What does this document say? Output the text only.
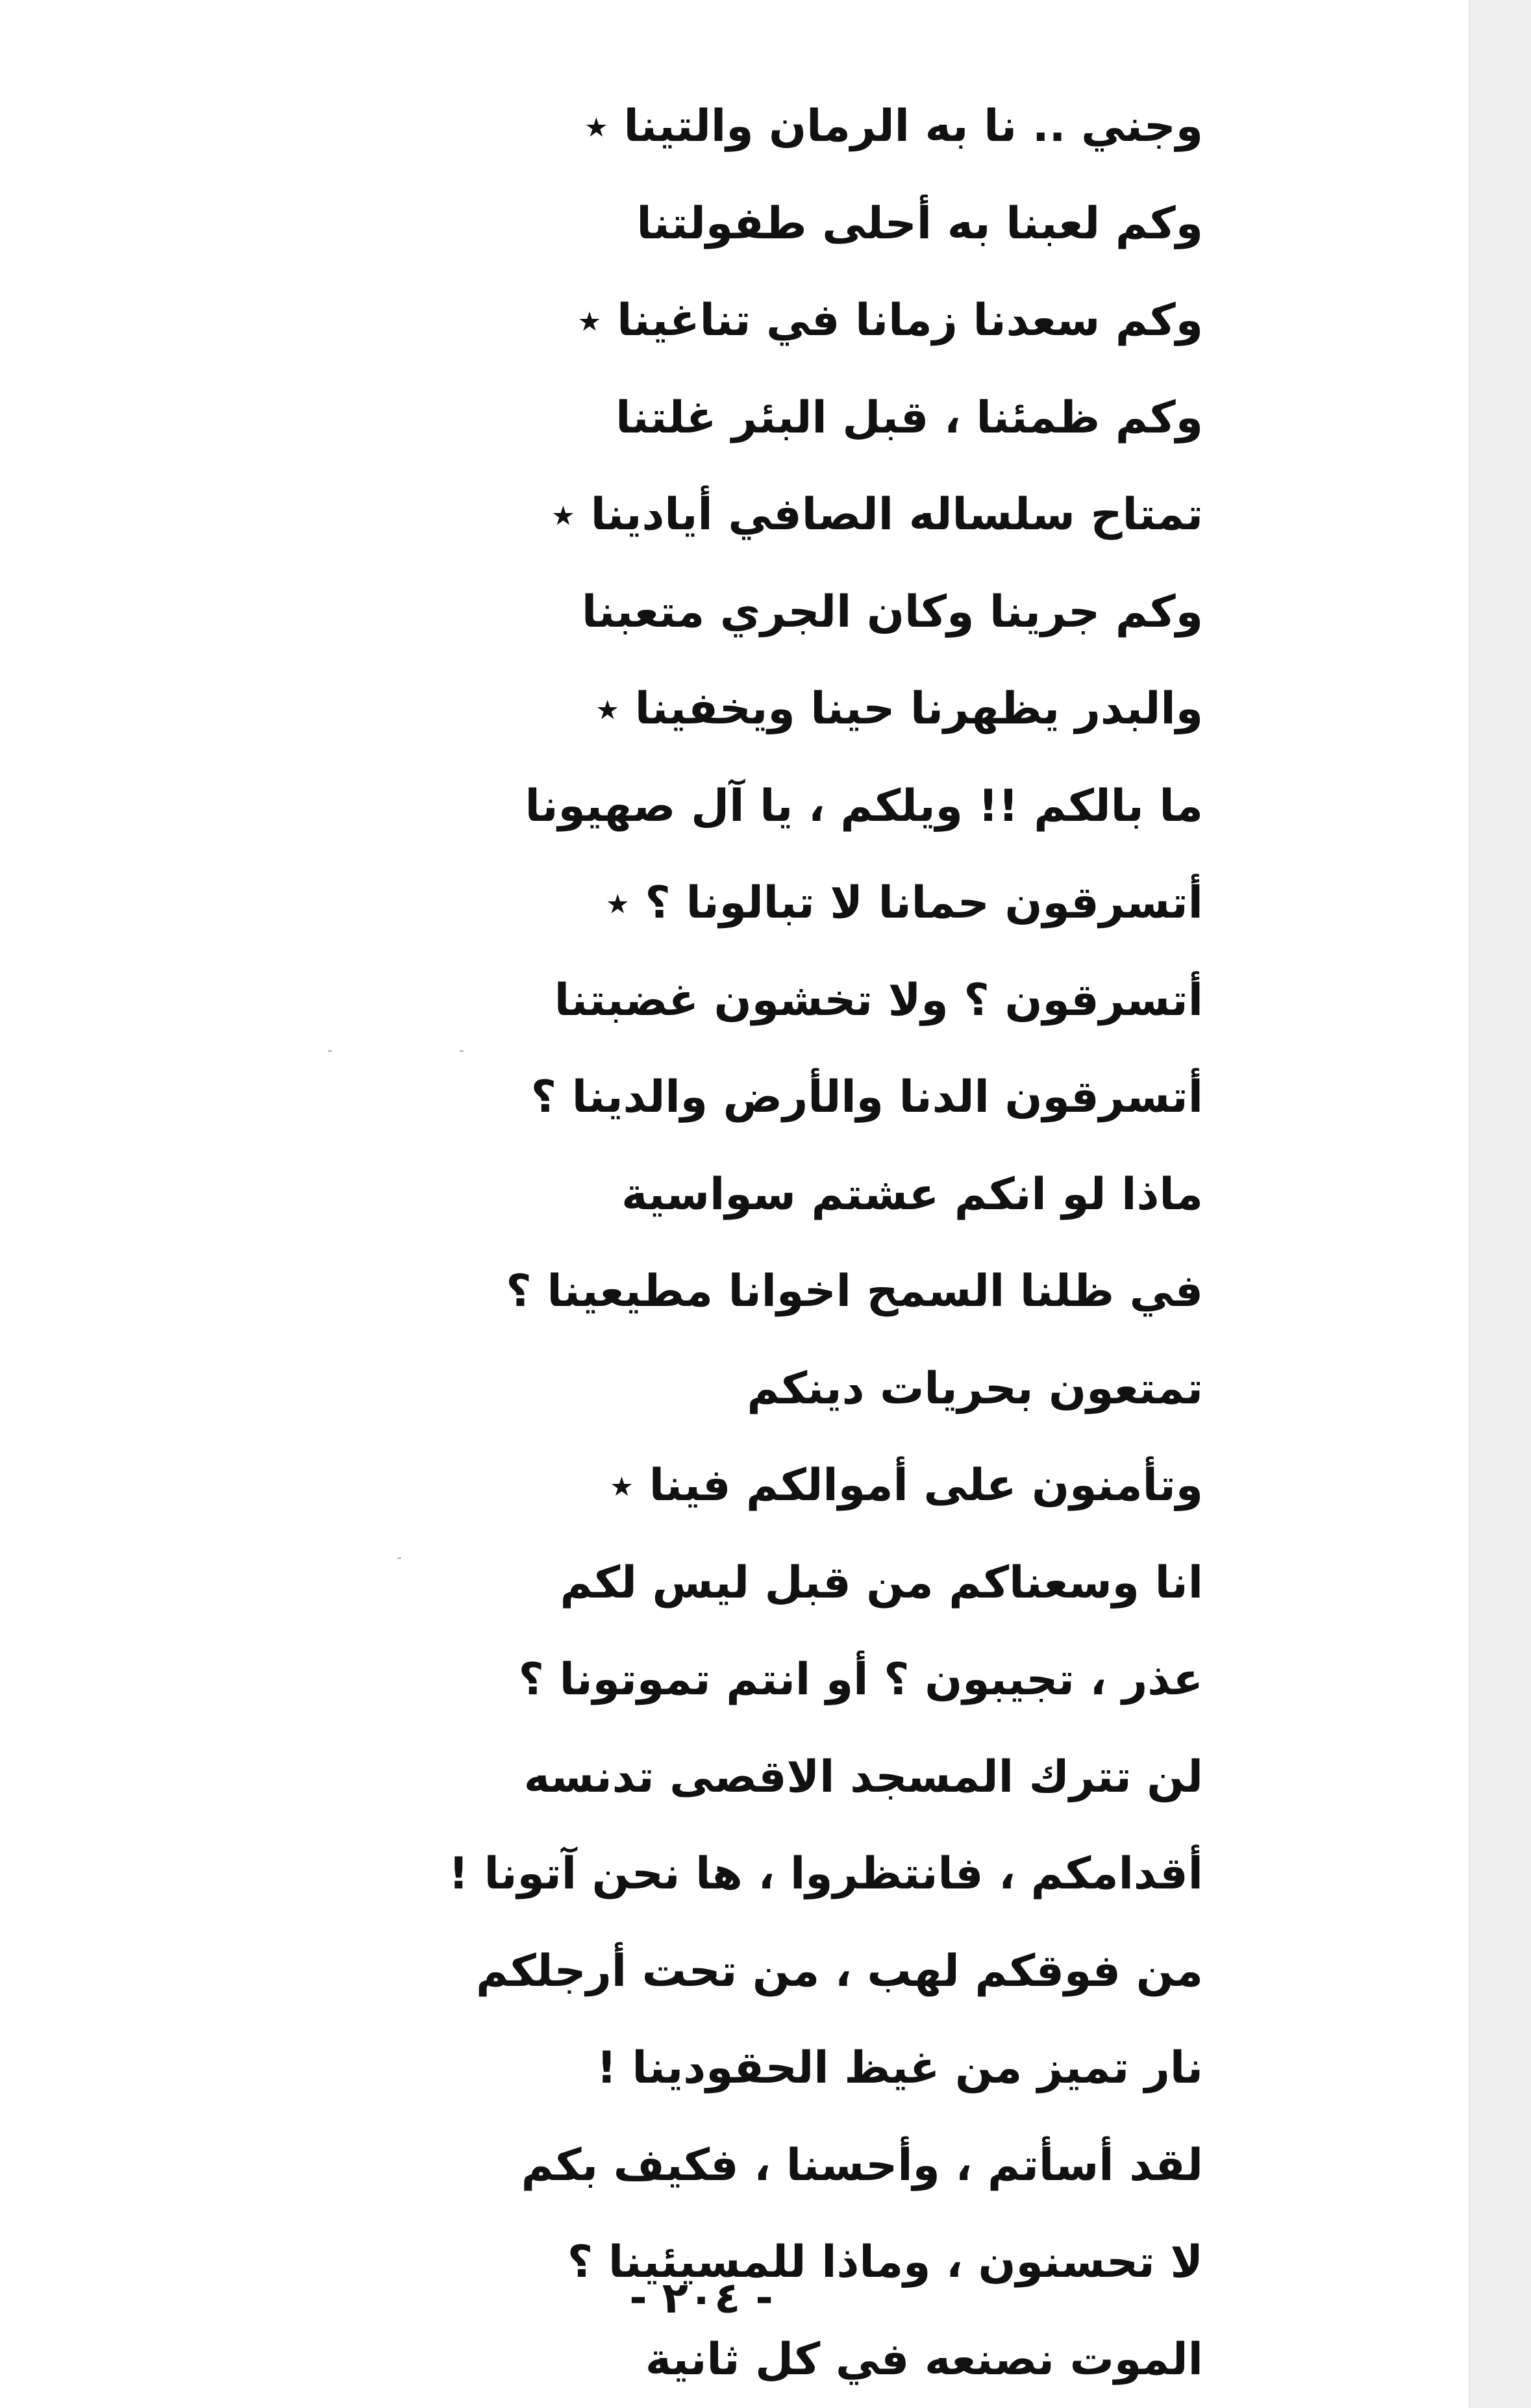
وجني .. نا به الرمان والتينا ٭
وكم لعبنا به أحلى طفولتنا
وكم سعدنا زمانا في تناغينا ٭
وكم ظمئنا ، قبل البئر غلتنا
تمتاح سلساله الصافي أيادينا ٭
وكم جرينا وكان الجري متعبنا
والبدر يظهرنا حينا ويخفينا ٭
ما بالكم !! ويلكم ، يا آل صهيونا
أتسرقون حمانا لا تبالونا ؟ ٭
أتسرقون ؟ ولا تخشون غضبتنا
أتسرقون الدنا والأرض والدينا ؟
ماذا لو انكم عشتم سواسية
في ظلنا السمح اخوانا مطيعينا ؟
تمتعون بحريات دينكم
وتأمنون على أموالكم فينا ٭
انا وسعناكم من قبل ليس لكم
عذر ، تجيبون ؟ أو انتم تموتونا ؟
لن تترك المسجد الاقصى تدنسه
أقدامكم ، فانتظروا ، ها نحن آتونا !
من فوقكم لهب ، من تحت أرجلكم
نار تميز من غيظ الحقودينا !
لقد أسأتم ، وأحسنا ، فكيف بكم
لا تحسنون ، وماذا للمسيئينا ؟
الموت نصنعه في كل ثانية
- ٢٠٤ -
